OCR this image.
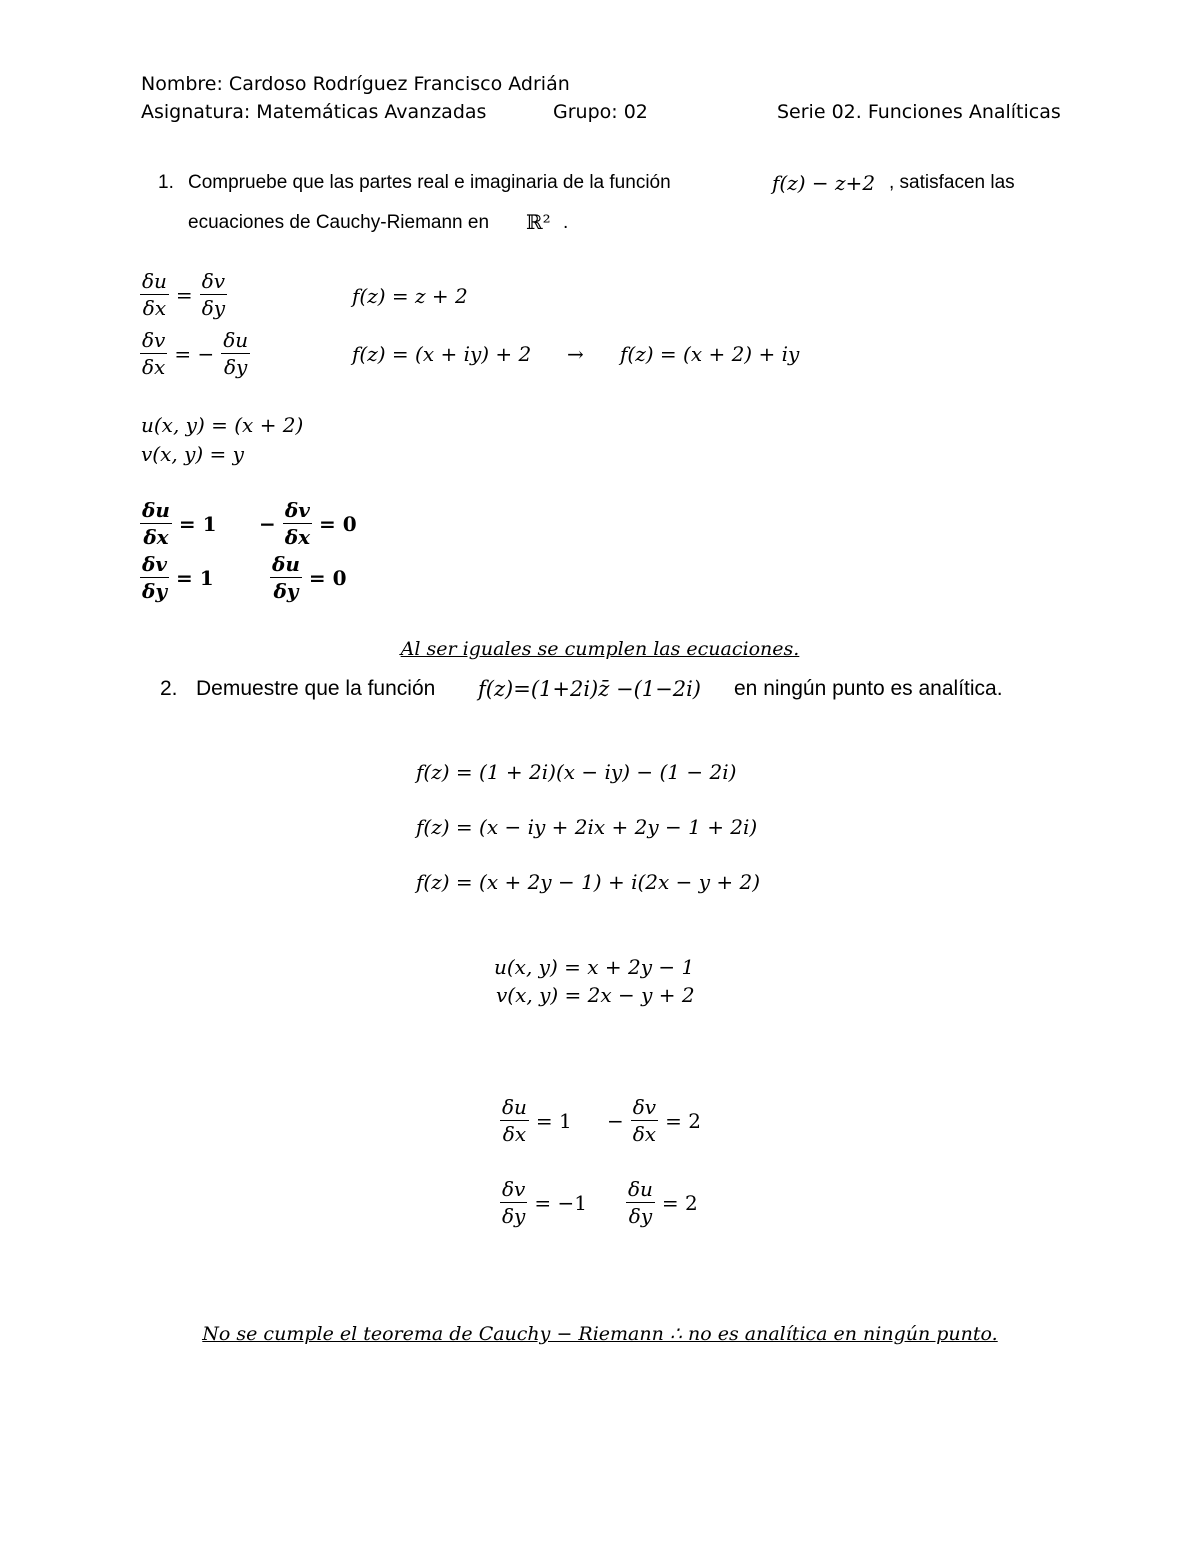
Nombre: Cardoso Rodríguez Francisco Adrián
Asignatura: Matemáticas Avanzadas	Grupo: 02	Serie 02. Funciones Analíticas
1. Compruebe que las partes real e imaginaria de la función	f(z) − z+2 , satisfacen las
ecuaciones de Cauchy-Riemann en ℝ² .
$\frac{\delta u}{\delta x} = \frac{\delta v}{\delta y}$
$\frac{\delta v}{\delta x}$ = − $\frac{\delta u}{\delta y}$
f(z) = z + 2
f(z) = (x + iy) + 2 → f(z) = (x + 2) + iy
u(x, y) = (x + 2)
v(x, y) = y
$\frac{\delta u}{\delta x} = 1 - \frac{\delta v}{\delta x} = 0$
$\frac{\delta v}{\delta y} = 1$	$\frac{\delta u}{\delta y} = 0$
Al ser iguales se cumplen las ecuaciones.
2. Demuestre que la función f(z)=(1+2i)z̄ −(1−2i) en ningún punto es analítica.
f(z) = (1 + 2i)(x − iy) − (1 − 2i)
f(z) = (x − iy + 2ix + 2y − 1 + 2i)
f(z) = (x + 2y − 1) + i(2x − y + 2)
u(x, y) = x + 2y − 1
v(x, y) = 2x − y + 2
$\frac{\delta u}{\delta x} = 1 - \frac{\delta v}{\delta x} = 2$
$\frac{\delta v}{\delta y} = -1 \frac{\delta u}{\delta y} = 2$
No se cumple el teorema de Cauchy − Riemann ∴ no es analítica en ningún punto.
